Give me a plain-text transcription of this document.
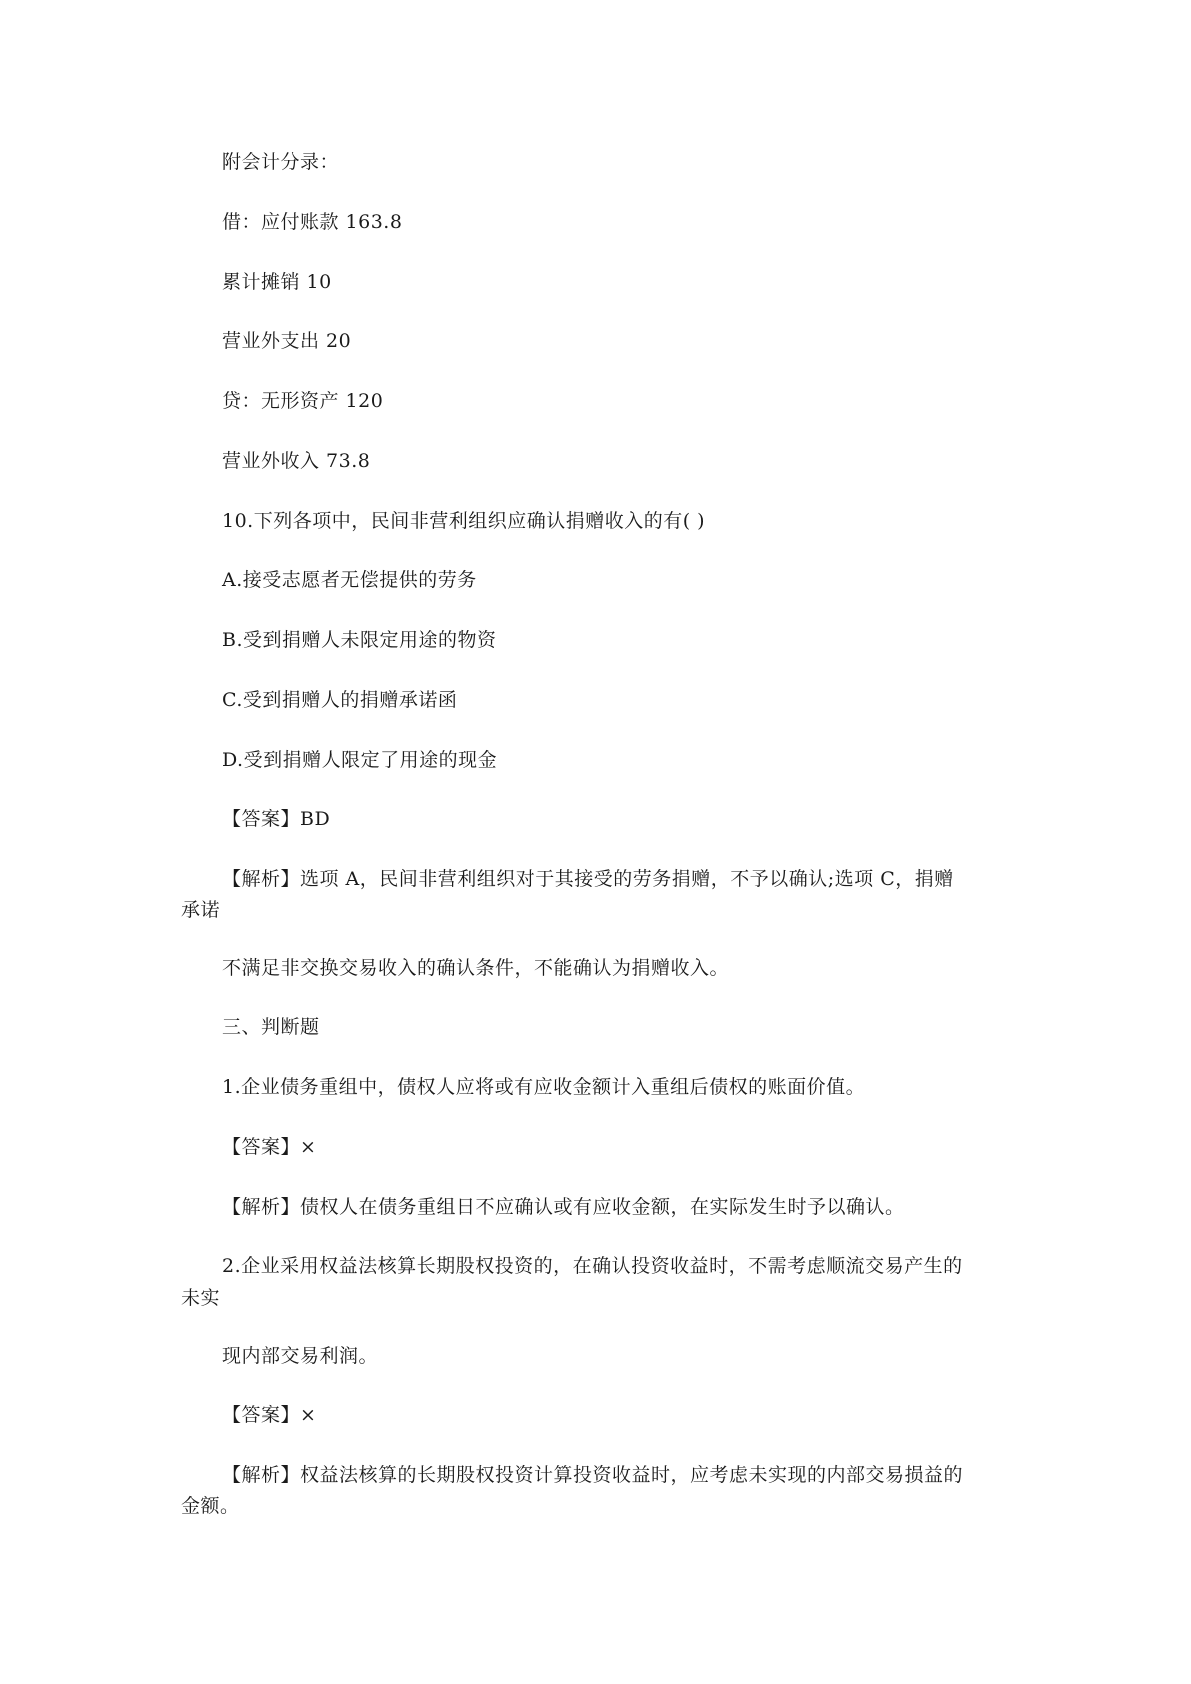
附会计分录：
借：应付账款 163.8
累计摊销 10
营业外支出 20
贷：无形资产 120
营业外收入 73.8
10.下列各项中，民间非营利组织应确认捐赠收入的有( )
A.接受志愿者无偿提供的劳务
B.受到捐赠人未限定用途的物资
C.受到捐赠人的捐赠承诺函
D.受到捐赠人限定了用途的现金
【答案】BD
【解析】选项 A，民间非营利组织对于其接受的劳务捐赠，不予以确认;选项 C，捐赠
承诺
不满足非交换交易收入的确认条件，不能确认为捐赠收入。
三、判断题
1.企业债务重组中，债权人应将或有应收金额计入重组后债权的账面价值。
【答案】×
【解析】债权人在债务重组日不应确认或有应收金额，在实际发生时予以确认。
2.企业采用权益法核算长期股权投资的，在确认投资收益时，不需考虑顺流交易产生的
未实
现内部交易利润。
【答案】×
【解析】权益法核算的长期股权投资计算投资收益时，应考虑未实现的内部交易损益的
金额。
